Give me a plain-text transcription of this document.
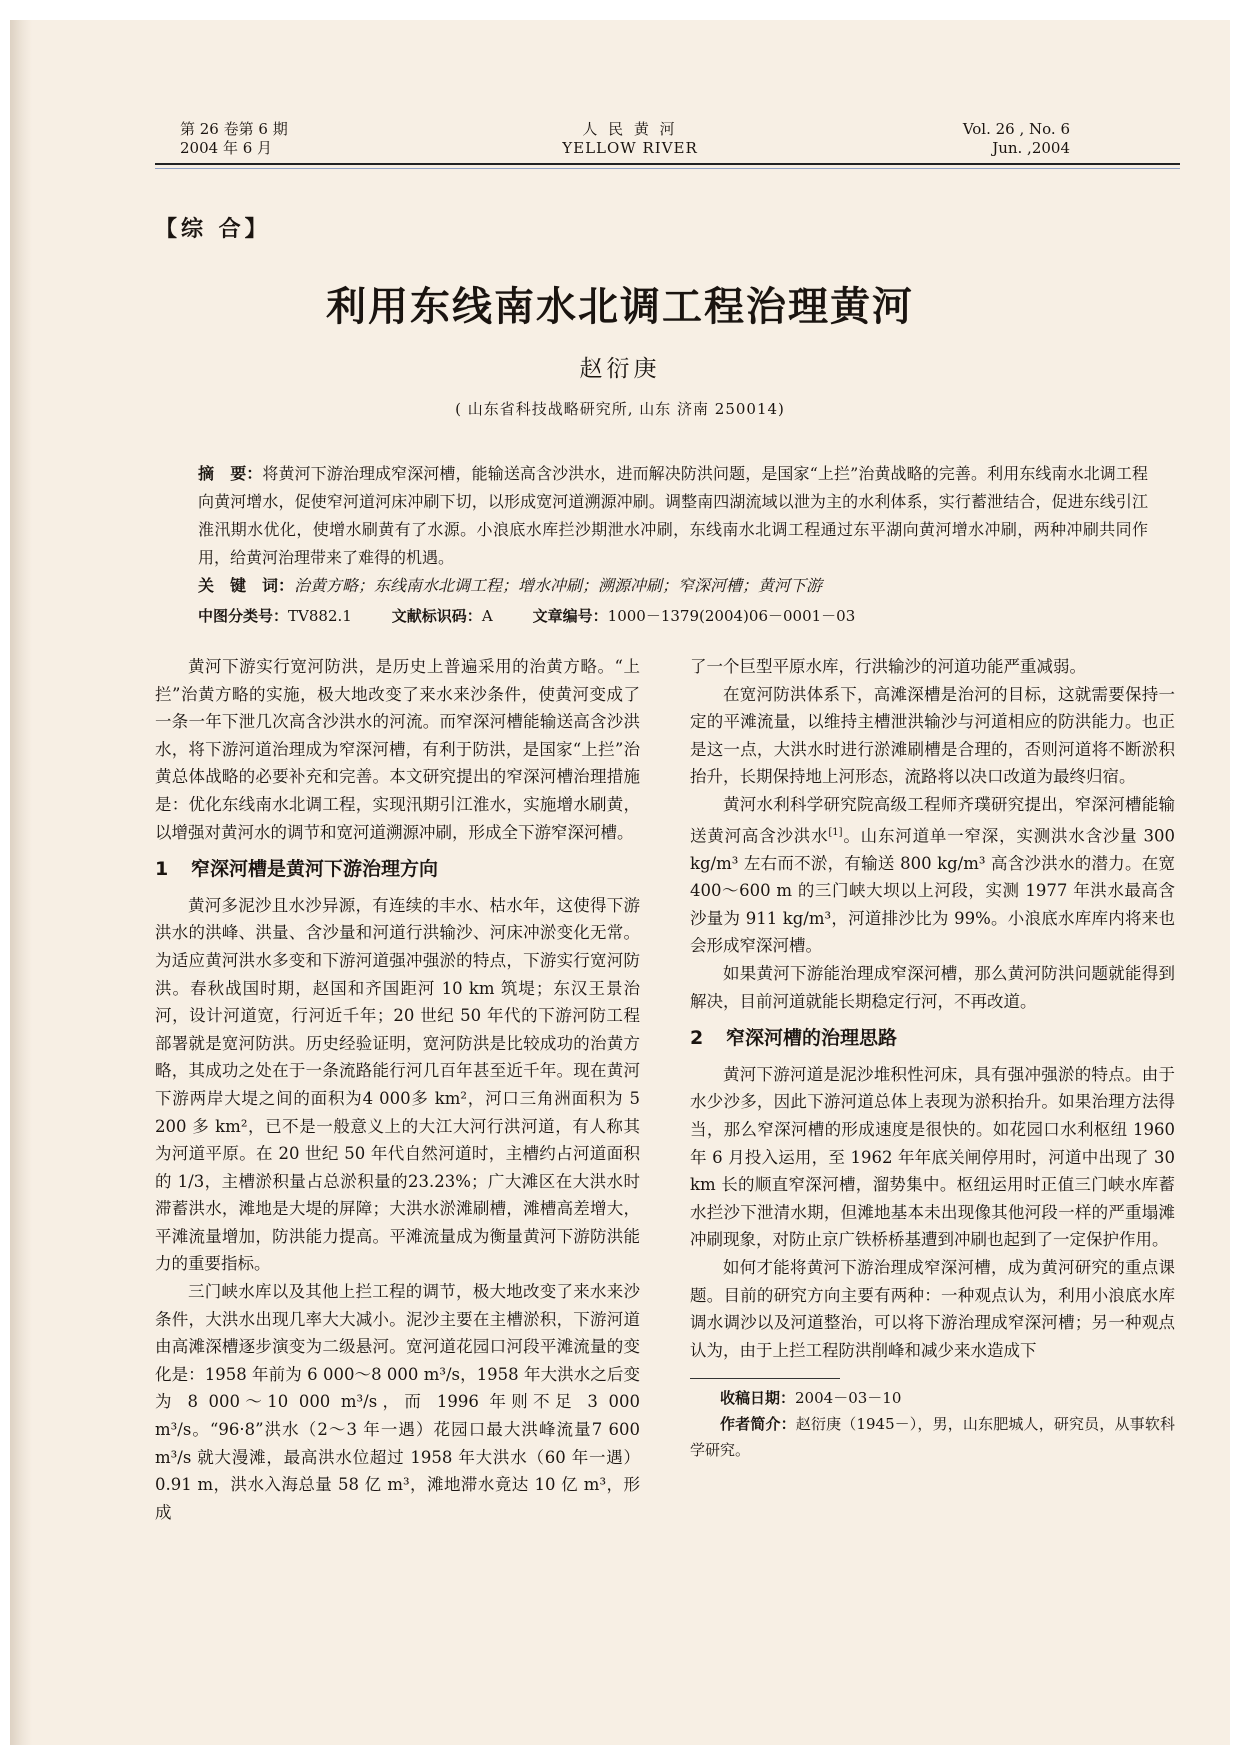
第 26 卷第 6 期
2004 年 6 月
人 民 黄 河
YELLOW RIVER
Vol. 26 , No. 6
Jun. ,2004
【综 合】
利用东线南水北调工程治理黄河
赵衍庚
( 山东省科技战略研究所, 山东 济南 250014)

摘　要：将黄河下游治理成窄深河槽，能输送高含沙洪水，进而解决防洪问题，是国家“上拦”治黄战略的完善。利用东线南水北调工程向黄河增水，促使窄河道河床冲刷下切，以形成宽河道溯源冲刷。调整南四湖流域以泄为主的水利体系，实行蓄泄结合，促进东线引江淮汛期水优化，使增水刷黄有了水源。小浪底水库拦沙期泄水冲刷，东线南水北调工程通过东平湖向黄河增水冲刷，两种冲刷共同作用，给黄河治理带来了难得的机遇。

关　键　词：治黄方略；东线南水北调工程；增水冲刷；溯源冲刷；窄深河槽；黄河下游

中图分类号：TV882.1	文献标识码：A	文章编号：1000－1379(2004)06－0001－03

黄河下游实行宽河防洪，是历史上普遍采用的治黄方略。“上拦”治黄方略的实施，极大地改变了来水来沙条件，使黄河变成了一条一年下泄几次高含沙洪水的河流。而窄深河槽能输送高含沙洪水，将下游河道治理成为窄深河槽，有利于防洪，是国家“上拦”治黄总体战略的必要补充和完善。本文研究提出的窄深河槽治理措施是：优化东线南水北调工程，实现汛期引江淮水，实施增水刷黄，以增强对黄河水的调节和宽河道溯源冲刷，形成全下游窄深河槽。

1 窄深河槽是黄河下游治理方向

黄河多泥沙且水沙异源，有连续的丰水、枯水年，这使得下游洪水的洪峰、洪量、含沙量和河道行洪输沙、河床冲淤变化无常。为适应黄河洪水多变和下游河道强冲强淤的特点，下游实行宽河防洪。春秋战国时期，赵国和齐国距河 10 km 筑堤；东汉王景治河，设计河道宽，行河近千年；20 世纪 50 年代的下游河防工程部署就是宽河防洪。历史经验证明，宽河防洪是比较成功的治黄方略，其成功之处在于一条流路能行河几百年甚至近千年。现在黄河下游两岸大堤之间的面积为4 000多 km²，河口三角洲面积为 5 200 多 km²，已不是一般意义上的大江大河行洪河道，有人称其为河道平原。在 20 世纪 50 年代自然河道时，主槽约占河道面积的 1/3，主槽淤积量占总淤积量的23.23%；广大滩区在大洪水时滞蓄洪水，滩地是大堤的屏障；大洪水淤滩刷槽，滩槽高差增大，平滩流量增加，防洪能力提高。平滩流量成为衡量黄河下游防洪能力的重要指标。

三门峡水库以及其他上拦工程的调节，极大地改变了来水来沙条件，大洪水出现几率大大减小。泥沙主要在主槽淤积，下游河道由高滩深槽逐步演变为二级悬河。宽河道花园口河段平滩流量的变化是：1958 年前为 6 000～8 000 m³/s，1958 年大洪水之后变为 8 000～10 000 m³/s，而 1996 年则不足 3 000 m³/s。“96·8”洪水（2～3 年一遇）花园口最大洪峰流量7 600 m³/s 就大漫滩，最高洪水位超过 1958 年大洪水（60 年一遇）0.91 m，洪水入海总量 58 亿 m³，滩地滞水竟达 10 亿 m³，形成

了一个巨型平原水库，行洪输沙的河道功能严重减弱。

在宽河防洪体系下，高滩深槽是治河的目标，这就需要保持一定的平滩流量，以维持主槽泄洪输沙与河道相应的防洪能力。也正是这一点，大洪水时进行淤滩刷槽是合理的，否则河道将不断淤积抬升，长期保持地上河形态，流路将以决口改道为最终归宿。

黄河水利科学研究院高级工程师齐璞研究提出，窄深河槽能输送黄河高含沙洪水[1]。山东河道单一窄深，实测洪水含沙量 300 kg/m³ 左右而不淤，有输送 800 kg/m³ 高含沙洪水的潜力。在宽 400～600 m 的三门峡大坝以上河段，实测 1977 年洪水最高含沙量为 911 kg/m³，河道排沙比为 99%。小浪底水库库内将来也会形成窄深河槽。

如果黄河下游能治理成窄深河槽，那么黄河防洪问题就能得到解决，目前河道就能长期稳定行河，不再改道。

2 窄深河槽的治理思路

黄河下游河道是泥沙堆积性河床，具有强冲强淤的特点。由于水少沙多，因此下游河道总体上表现为淤积抬升。如果治理方法得当，那么窄深河槽的形成速度是很快的。如花园口水利枢纽 1960 年 6 月投入运用，至 1962 年年底关闸停用时，河道中出现了 30 km 长的顺直窄深河槽，溜势集中。枢纽运用时正值三门峡水库蓄水拦沙下泄清水期，但滩地基本未出现像其他河段一样的严重塌滩冲刷现象，对防止京广铁桥桥基遭到冲刷也起到了一定保护作用。

如何才能将黄河下游治理成窄深河槽，成为黄河研究的重点课题。目前的研究方向主要有两种：一种观点认为，利用小浪底水库调水调沙以及河道整治，可以将下游治理成窄深河槽；另一种观点认为，由于上拦工程防洪削峰和减少来水造成下

收稿日期：2004－03－10

作者简介：赵衍庚（1945－），男，山东肥城人，研究员，从事软科学研究。
